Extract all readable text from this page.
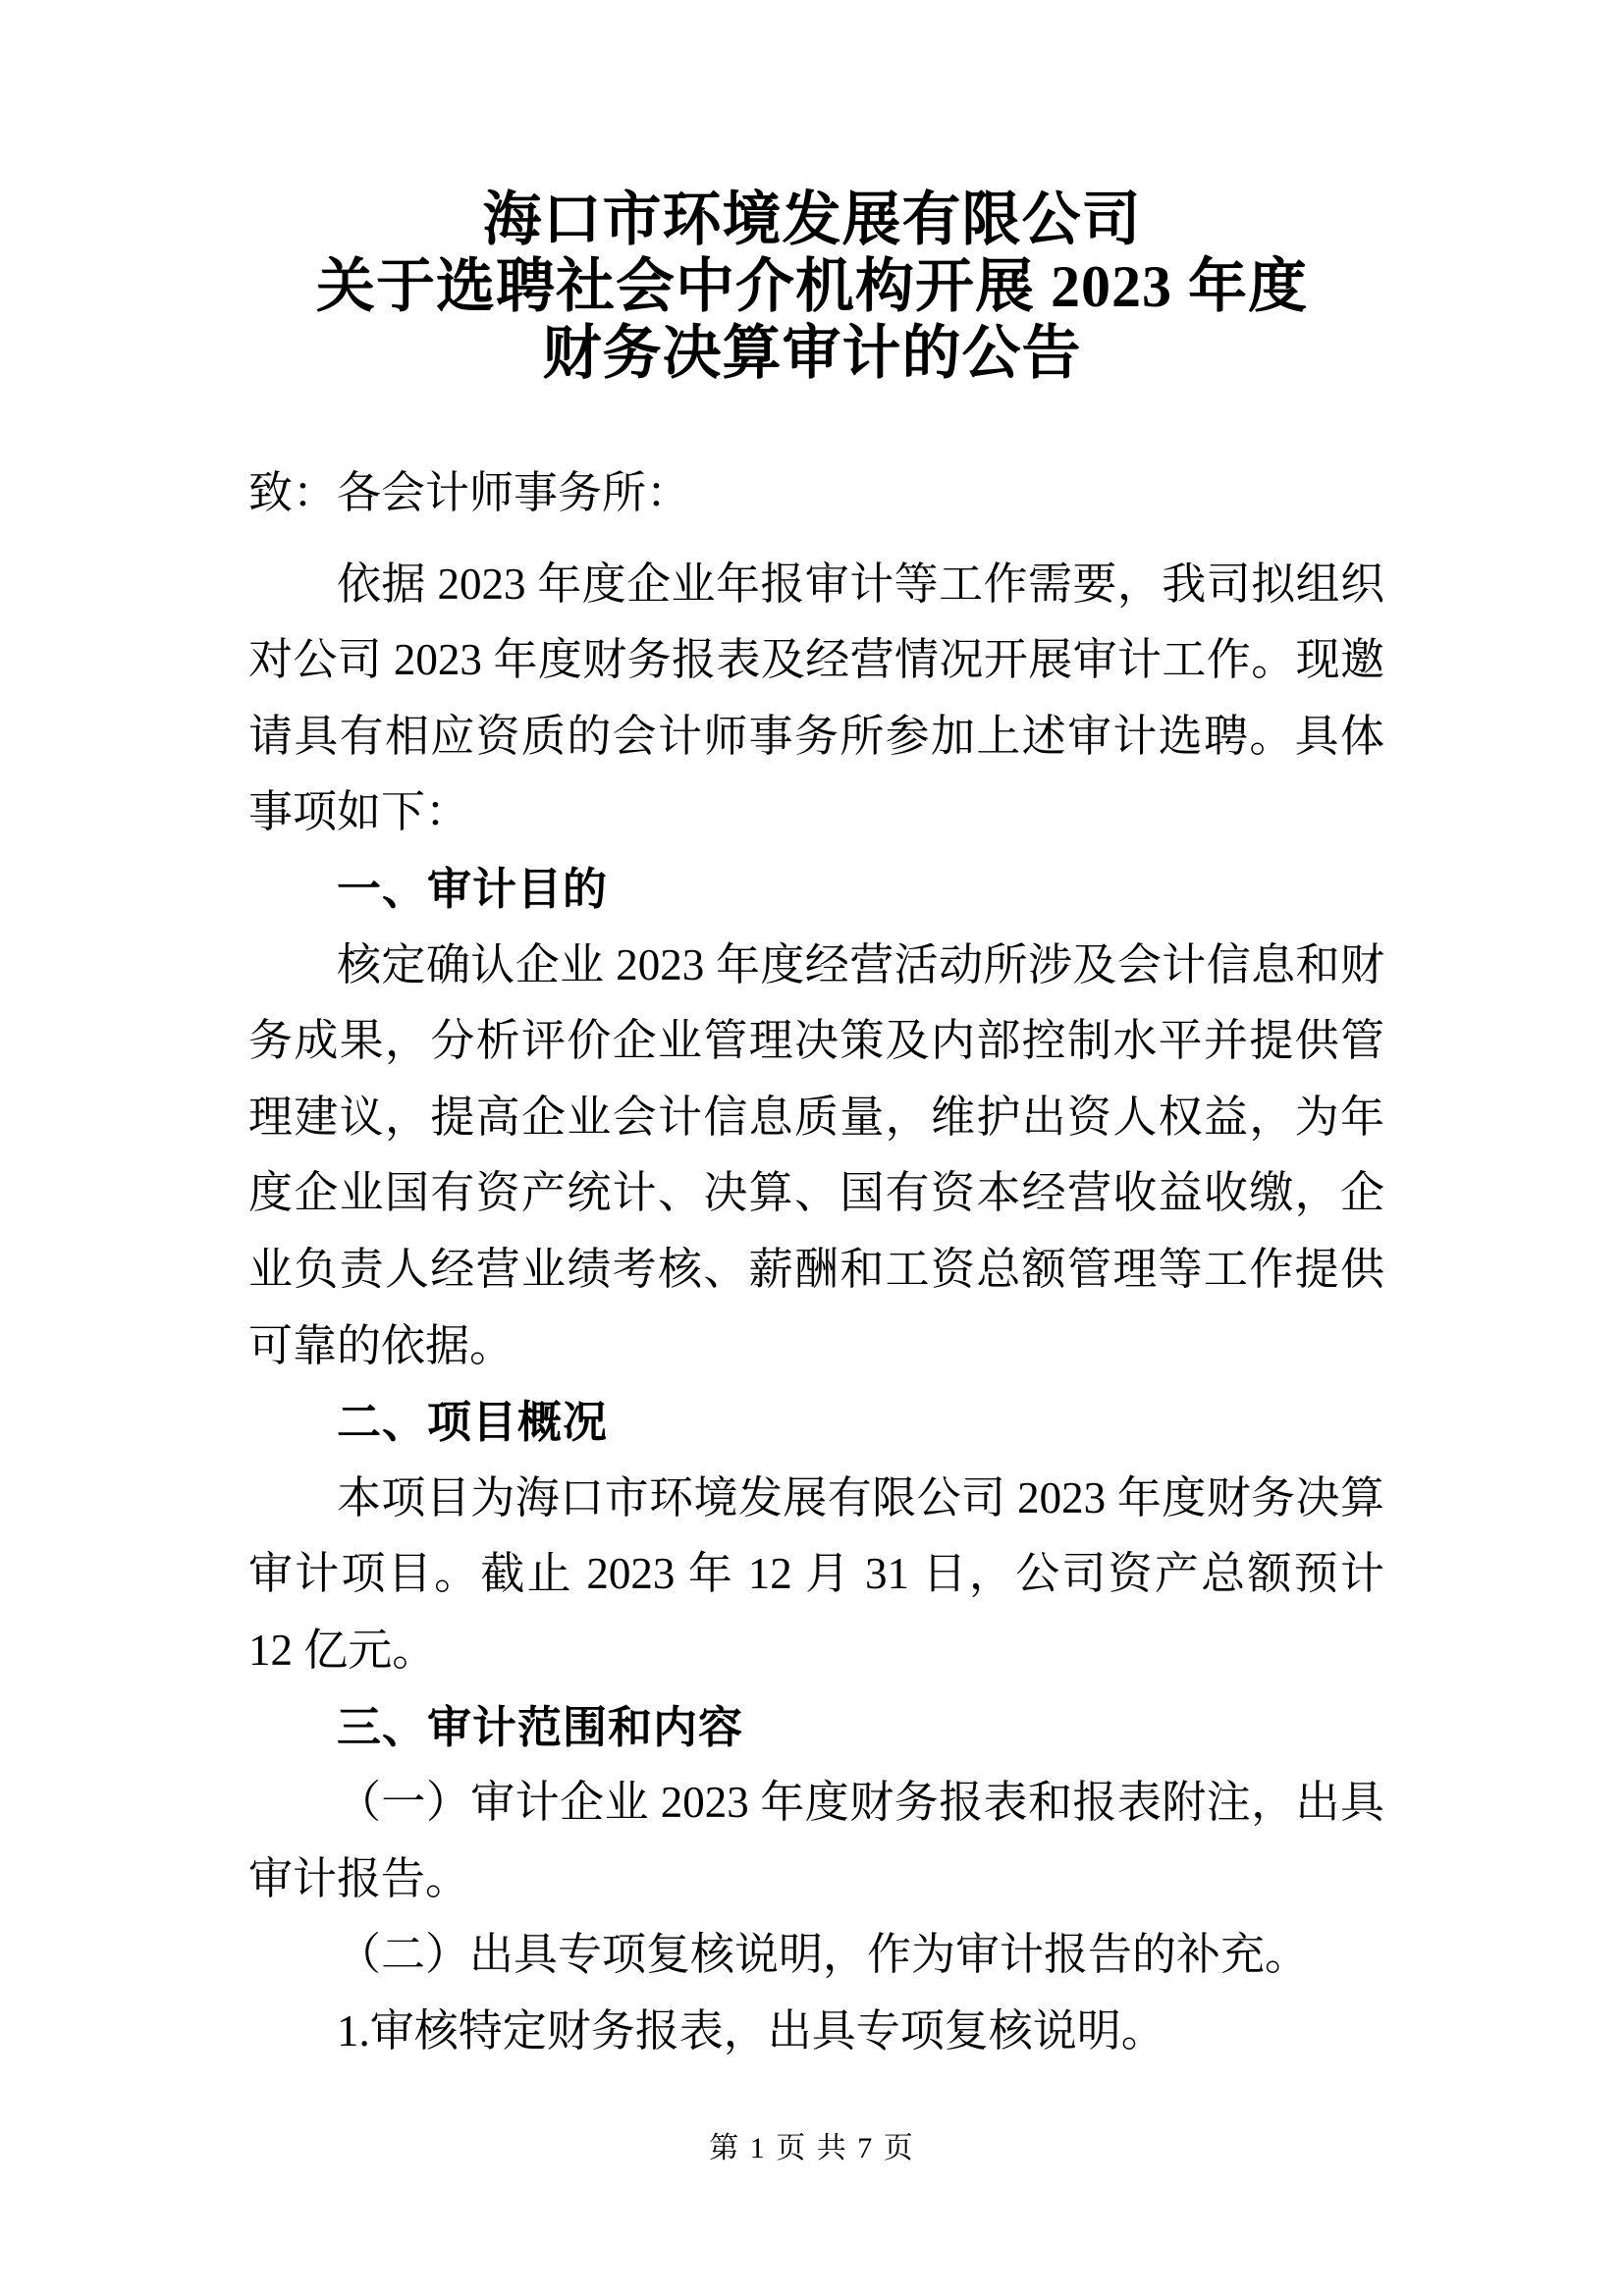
海口市环境发展有限公司
关于选聘社会中介机构开展 2023 年度
财务决算审计的公告
致：各会计师事务所：
依据 2023 年度企业年报审计等工作需要，我司拟组织对公司 2023 年度财务报表及经营情况开展审计工作。现邀请具有相应资质的会计师事务所参加上述审计选聘。具体事项如下：
一、审计目的
核定确认企业 2023 年度经营活动所涉及会计信息和财务成果，分析评价企业管理决策及内部控制水平并提供管理建议，提高企业会计信息质量，维护出资人权益，为年度企业国有资产统计、决算、国有资本经营收益收缴，企业负责人经营业绩考核、薪酬和工资总额管理等工作提供可靠的依据。
二、项目概况
本项目为海口市环境发展有限公司 2023 年度财务决算审计项目。截止 2023 年 12 月 31 日，公司资产总额预计 12 亿元。
三、审计范围和内容
（一）审计企业 2023 年度财务报表和报表附注，出具审计报告。
（二）出具专项复核说明，作为审计报告的补充。
1.审核特定财务报表，出具专项复核说明。
第 1 页 共 7 页
